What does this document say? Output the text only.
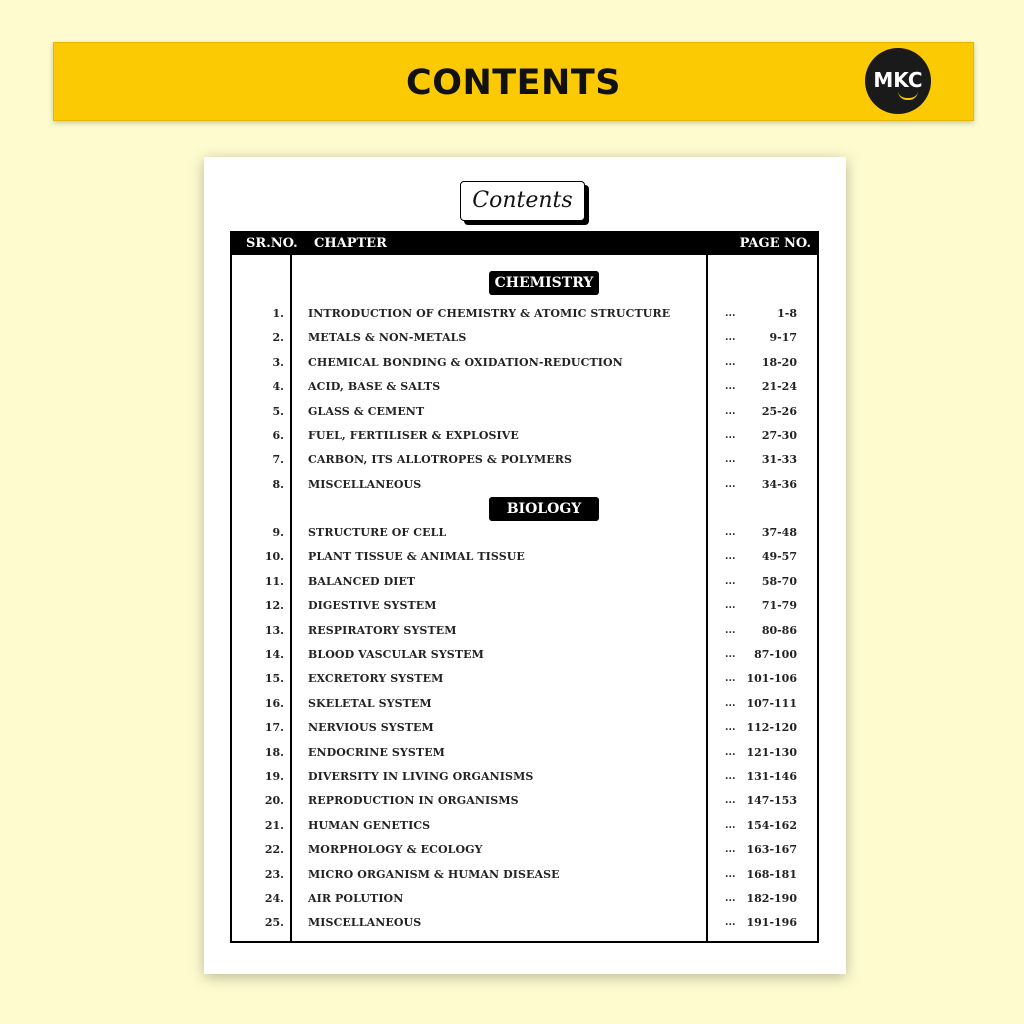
CONTENTS	MKC
Contents
SR.NO. CHAPTER	PAGE NO.
CHEMISTRY
1. INTRODUCTION OF CHEMISTRY & ATOMIC STRUCTURE	...	1-8
2. METALS & NON-METALS	...	9-17
3. CHEMICAL BONDING & OXIDATION-REDUCTION	... 18-20
4. ACID, BASE & SALTS	... 21-24
5. GLASS & CEMENT	... 25-26
6. FUEL, FERTILISER & EXPLOSIVE	... 27-30
7. CARBON, ITS ALLOTROPES & POLYMERS	... 31-33
8. MISCELLANEOUS	... 34-36
BIOLOGY
9. STRUCTURE OF CELL	... 37-48
10. PLANT TISSUE & ANIMAL TISSUE	... 49-57
11. BALANCED DIET	... 58-70
12. DIGESTIVE SYSTEM	... 71-79
13. RESPIRATORY SYSTEM	... 80-86
14. BLOOD VASCULAR SYSTEM	... 87-100
15. EXCRETORY SYSTEM	... 101-106
16. SKELETAL SYSTEM	... 107-111
17. NERVIOUS SYSTEM	... 112-120
18. ENDOCRINE SYSTEM	... 121-130
19. DIVERSITY IN LIVING ORGANISMS	... 131-146
20. REPRODUCTION IN ORGANISMS	... 147-153
21. HUMAN GENETICS	... 154-162
22. MORPHOLOGY & ECOLOGY	... 163-167
23. MICRO ORGANISM & HUMAN DISEASE	... 168-181
24. AIR POLUTION	... 182-190
25. MISCELLANEOUS	... 191-196
